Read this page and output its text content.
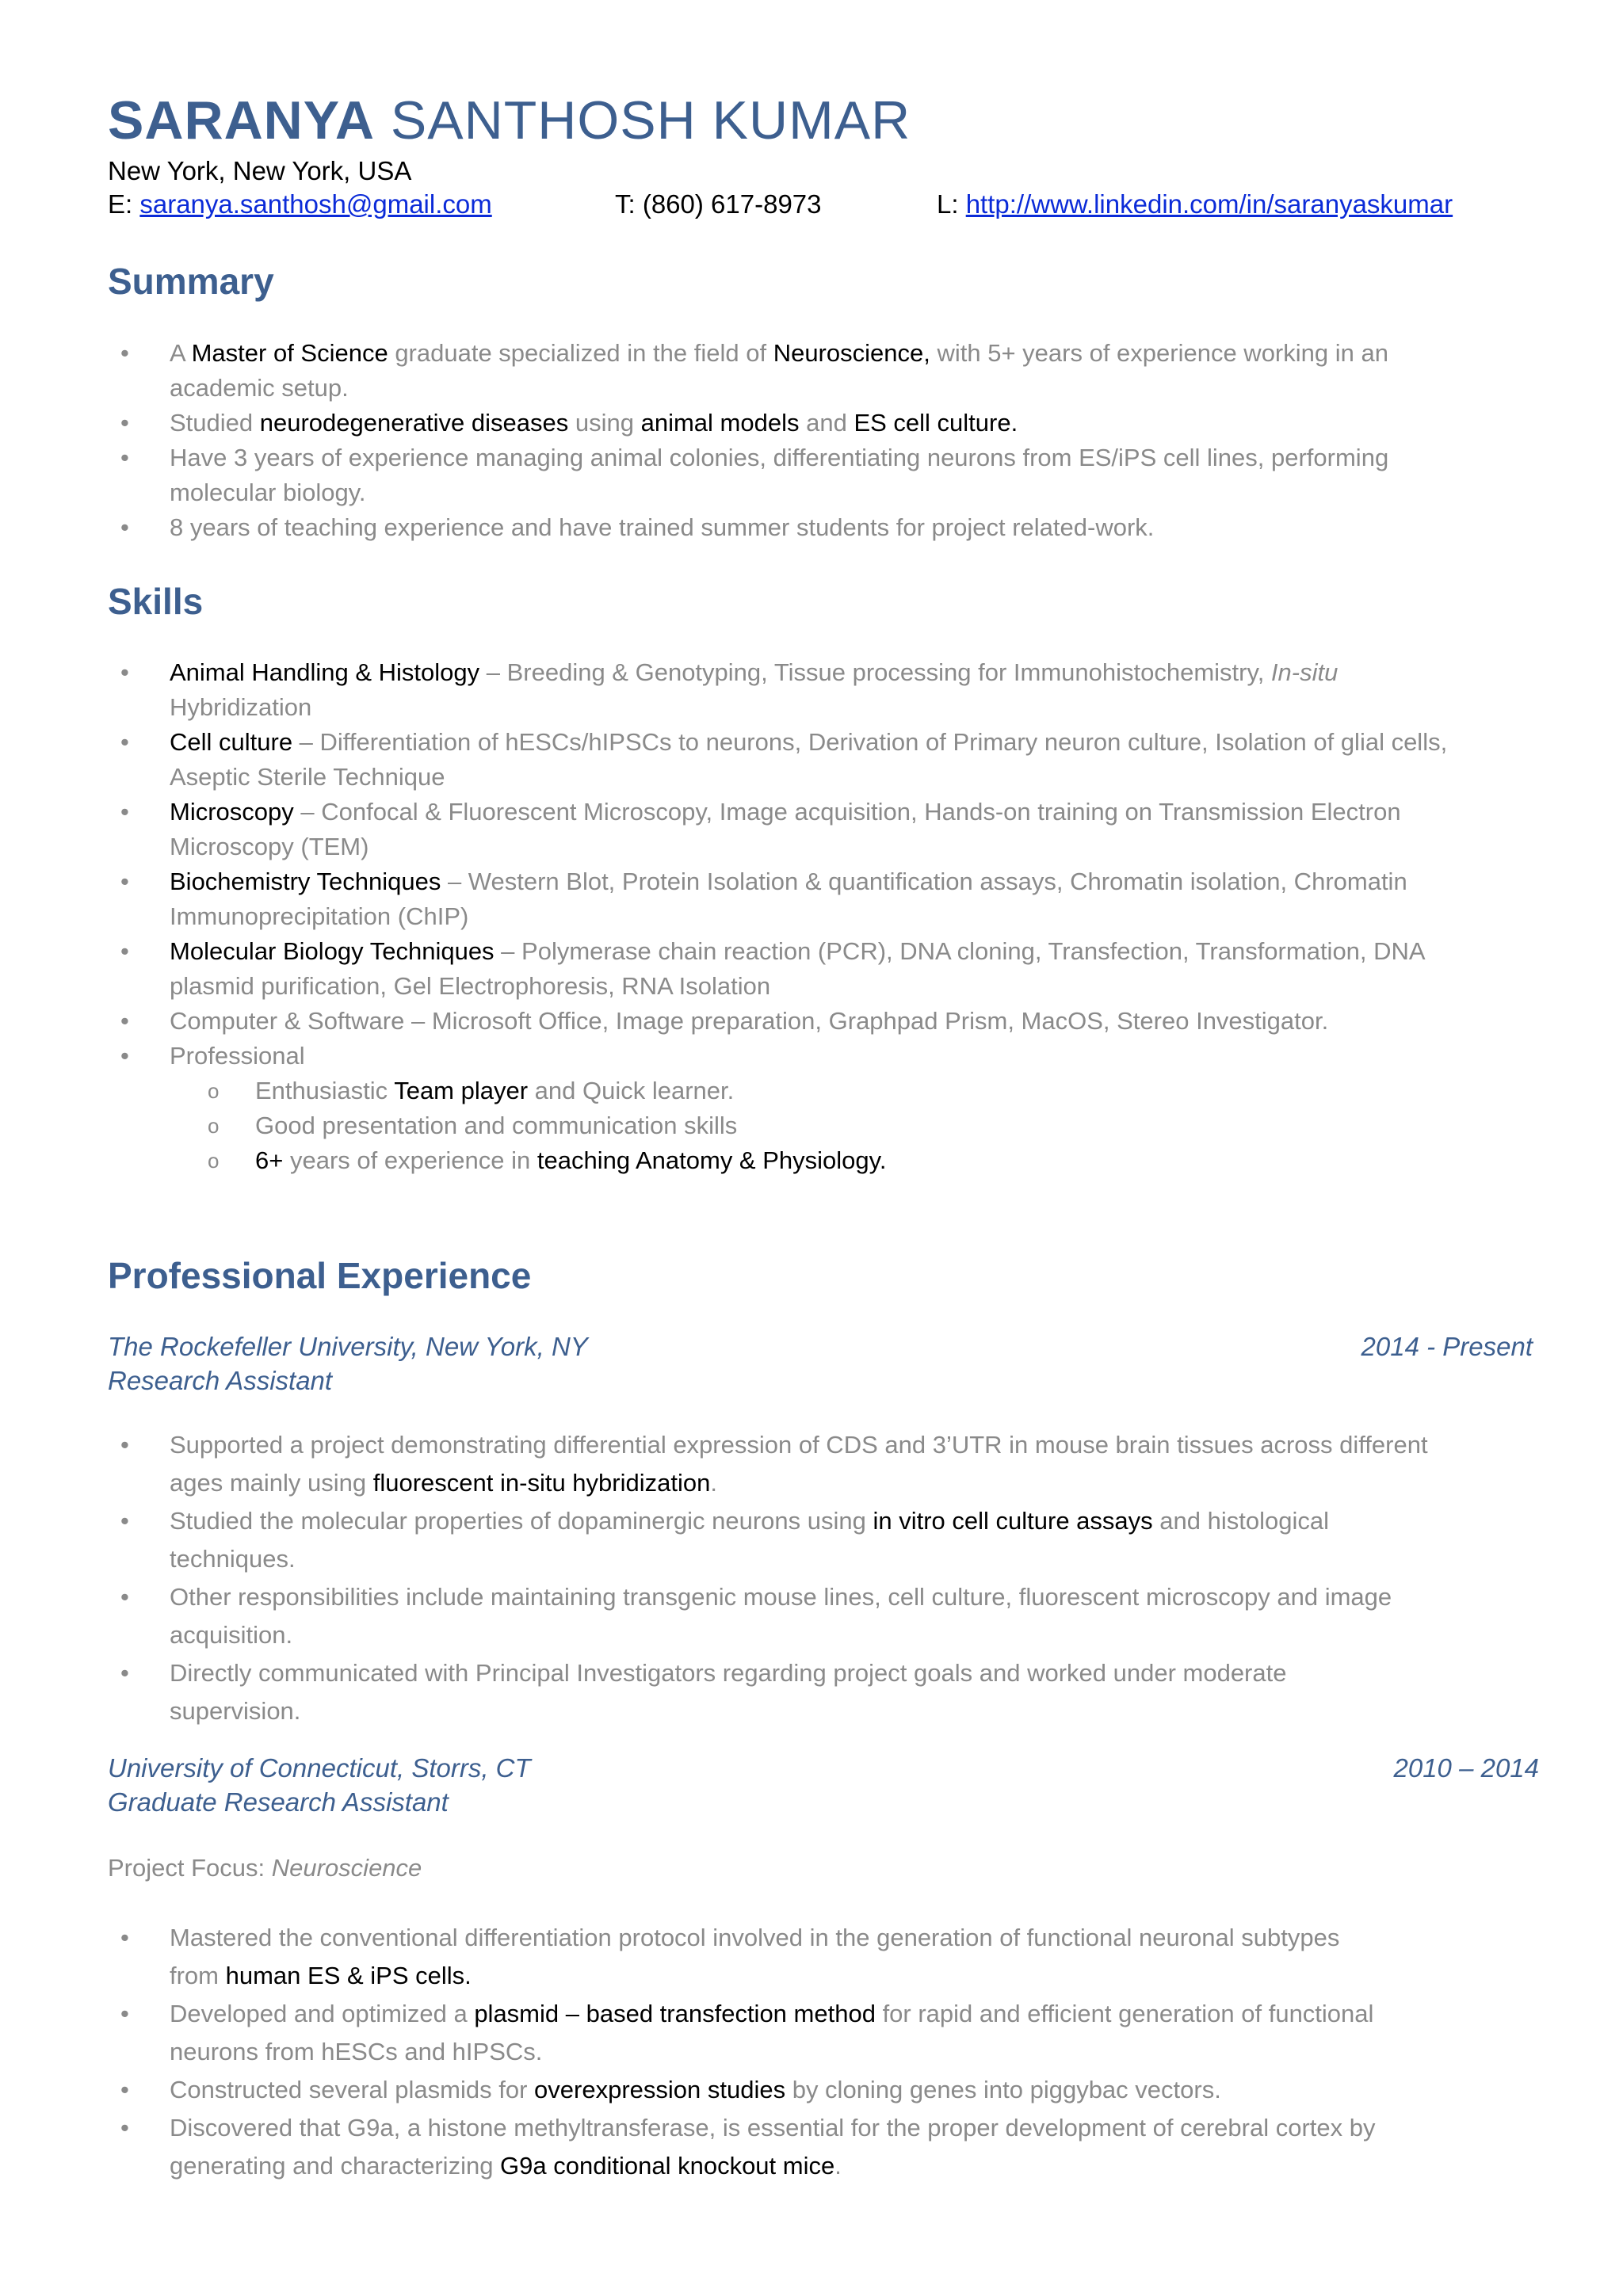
SARANYA SANTHOSH KUMAR
New York, New York, USA
E: saranya.santhosh@gmail.com	T: (860) 617-8973	L: http://www.linkedin.com/in/saranyaskumar
Summary
• A Master of Science graduate specialized in the field of Neuroscience, with 5+ years of experience working in an
academic setup.
• Studied neurodegenerative diseases using animal models and ES cell culture.
• Have 3 years of experience managing animal colonies, differentiating neurons from ES/iPS cell lines, performing
molecular biology.
• 8 years of teaching experience and have trained summer students for project related-work.
Skills
• Animal Handling & Histology – Breeding & Genotyping, Tissue processing for Immunohistochemistry, In-situ
Hybridization
• Cell culture – Differentiation of hESCs/hIPSCs to neurons, Derivation of Primary neuron culture, Isolation of glial cells,
Aseptic Sterile Technique
• Microscopy – Confocal & Fluorescent Microscopy, Image acquisition, Hands-on training on Transmission Electron
Microscopy (TEM)
• Biochemistry Techniques – Western Blot, Protein Isolation & quantification assays, Chromatin isolation, Chromatin
Immunoprecipitation (ChIP)
• Molecular Biology Techniques – Polymerase chain reaction (PCR), DNA cloning, Transfection, Transformation, DNA
plasmid purification, Gel Electrophoresis, RNA Isolation
• Computer & Software – Microsoft Office, Image preparation, Graphpad Prism, MacOS, Stereo Investigator.
• Professional
o Enthusiastic Team player and Quick learner.
o Good presentation and communication skills
o 6+ years of experience in teaching Anatomy & Physiology.
Professional Experience
The Rockefeller University, New York, NY
Research Assistant
2014 - Present
• Supported a project demonstrating differential expression of CDS and 3’UTR in mouse brain tissues across different
ages mainly using fluorescent in-situ hybridization.
• Studied the molecular properties of dopaminergic neurons using in vitro cell culture assays and histological
techniques.
• Other responsibilities include maintaining transgenic mouse lines, cell culture, fluorescent microscopy and image
acquisition.
• Directly communicated with Principal Investigators regarding project goals and worked under moderate
supervision.
University of Connecticut, Storrs, CT
Graduate Research Assistant
2010 – 2014
Project Focus: Neuroscience
• Mastered the conventional differentiation protocol involved in the generation of functional neuronal subtypes
from human ES & iPS cells.
• Developed and optimized a plasmid – based transfection method for rapid and efficient generation of functional
neurons from hESCs and hIPSCs.
• Constructed several plasmids for overexpression studies by cloning genes into piggybac vectors.
• Discovered that G9a, a histone methyltransferase, is essential for the proper development of cerebral cortex by
generating and characterizing G9a conditional knockout mice.
